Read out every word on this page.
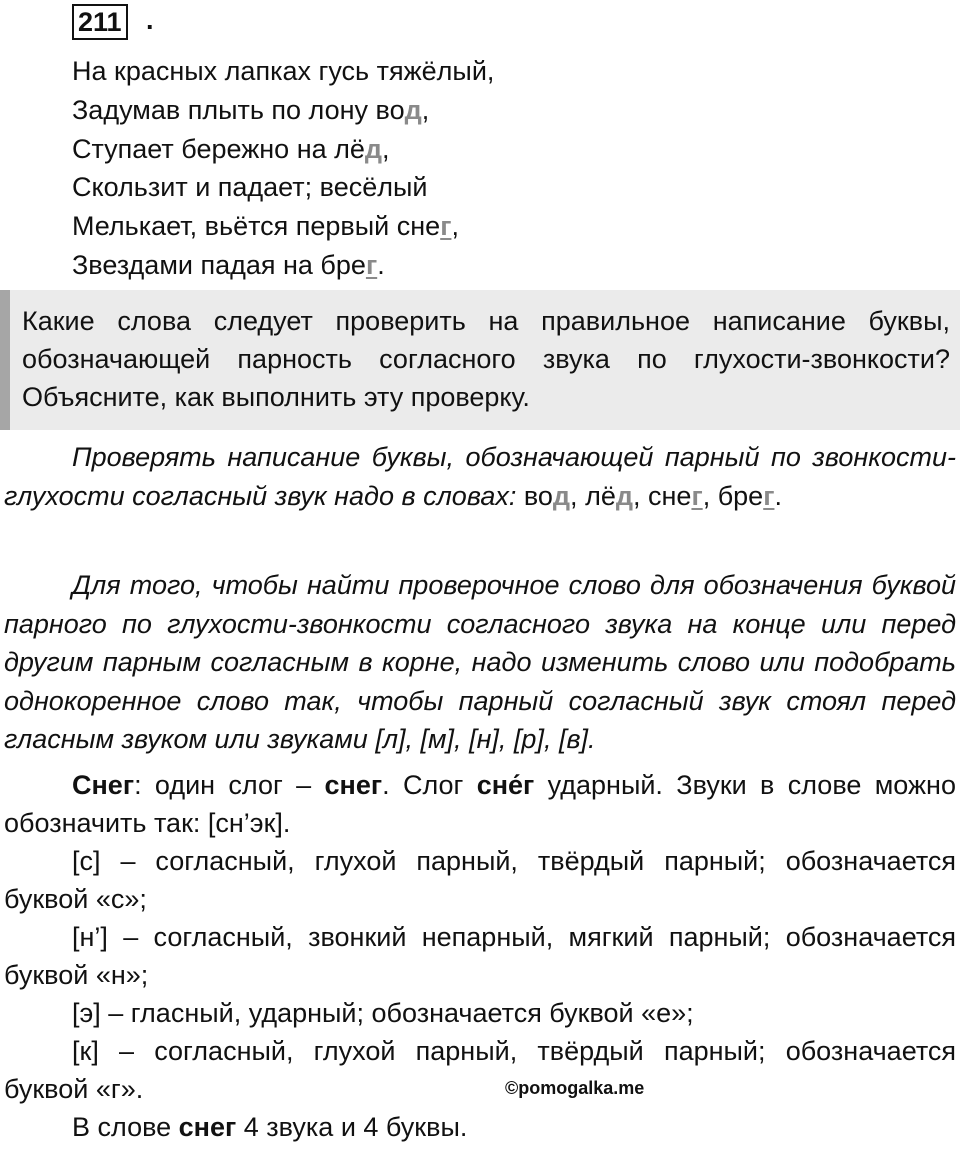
211 .
На красных лапках гусь тяжёлый,
Задумав плыть по лону вод,
Ступает бережно на лёд,
Скользит и падает; весёлый
Мелькает, вьётся первый снег,
Звездами падая на брег.

Какие слова следует проверить на правильное написание буквы, обозначающей парность согласного звука по глухости-звонкости? Объясните, как выполнить эту проверку.

Проверять написание буквы, обозначающей парный по звонкости-глухости согласный звук надо в словах: вод, лёд, снег, брег.

Для того, чтобы найти проверочное слово для обозначения буквой парного по глухости-звонкости согласного звука на конце или перед другим парным согласным в корне, надо изменить слово или подобрать однокоренное слово так, чтобы парный согласный звук стоял перед гласным звуком или звуками [л], [м], [н], [р], [в].

Снег: один слог – снег. Слог сне́г ударный. Звуки в слове можно обозначить так: [сн’эк].

[с] – согласный, глухой парный, твёрдый парный; обозначается буквой «с»;

[н’] – согласный, звонкий непарный, мягкий парный; обозначается буквой «н»;

[э] – гласный, ударный; обозначается буквой «е»;

[к] – согласный, глухой парный, твёрдый парный; обозначается буквой «г».

В слове снег 4 звука и 4 буквы.

©pomogalka.me
